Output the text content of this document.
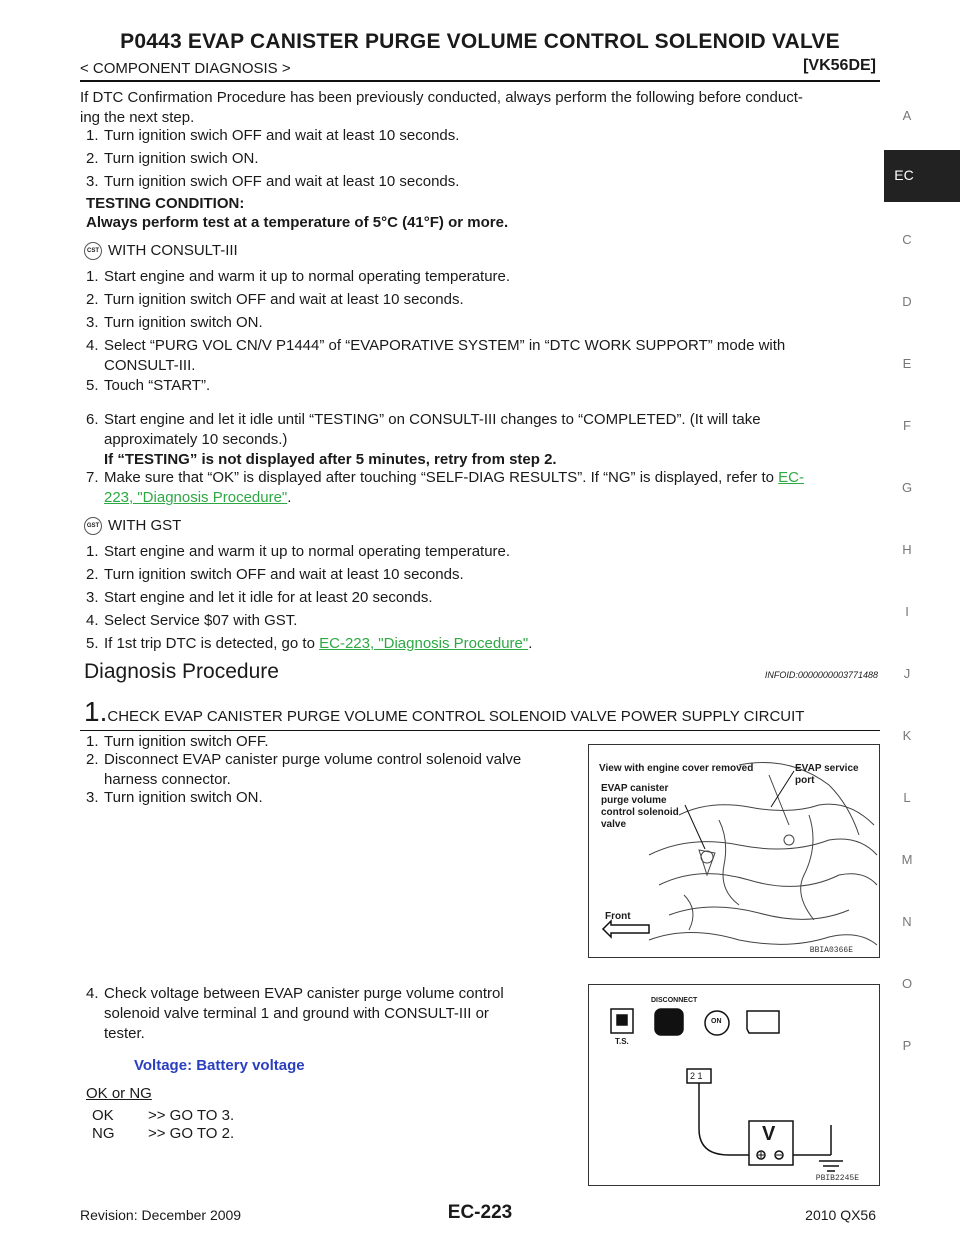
P0443 EVAP CANISTER PURGE VOLUME CONTROL SOLENOID VALVE
< COMPONENT DIAGNOSIS >	[VK56DE]
If DTC Confirmation Procedure has been previously conducted, always perform the following before conduct-
ing the next step.
1. Turn ignition swich OFF and wait at least 10 seconds.
2. Turn ignition swich ON.
3. Turn ignition swich OFF and wait at least 10 seconds.
TESTING CONDITION:
Always perform test at a temperature of 5°C (41°F) or more.
CST WITH CONSULT-III
1. Start engine and warm it up to normal operating temperature.
2. Turn ignition switch OFF and wait at least 10 seconds.
3. Turn ignition switch ON.
4. Select “PURG VOL CN/V P1444” of “EVAPORATIVE SYSTEM” in “DTC WORK SUPPORT” mode with
CONSULT-III.
5. Touch “START”.
6. Start engine and let it idle until “TESTING” on CONSULT-III changes to “COMPLETED”. (It will take
approximately 10 seconds.)
If “TESTING” is not displayed after 5 minutes, retry from step 2.
7. Make sure that “OK” is displayed after touching “SELF-DIAG RESULTS”. If “NG” is displayed, refer to EC-
223, "Diagnosis Procedure".
GST WITH GST
1. Start engine and warm it up to normal operating temperature.
2. Turn ignition switch OFF and wait at least 10 seconds.
3. Start engine and let it idle for at least 20 seconds.
4. Select Service $07 with GST.
5. If 1st trip DTC is detected, go to EC-223, "Diagnosis Procedure".
Diagnosis Procedure	INFOID:0000000003771488
1.CHECK EVAP CANISTER PURGE VOLUME CONTROL SOLENOID VALVE POWER SUPPLY CIRCUIT
1. Turn ignition switch OFF.
2. Disconnect EVAP canister purge volume control solenoid valve
harness connector.
3. Turn ignition switch ON.
4. Check voltage between EVAP canister purge volume control
solenoid valve terminal 1 and ground with CONSULT-III or
tester.
Voltage: Battery voltage
OK or NG
OK >> GO TO 3.
NG >> GO TO 2.
View with engine cover removed
EVAP canister
purge volume
control solenoid
valve
EVAP service
port
Front
BBIA0366E
DISCONNECT
T.S.
ON
2 1
V
PBIB2245E
A
EC
C
D
E
F
G
H
I
J
K
L
M
N
O
P
Revision: December 2009	EC-223	2010 QX56
